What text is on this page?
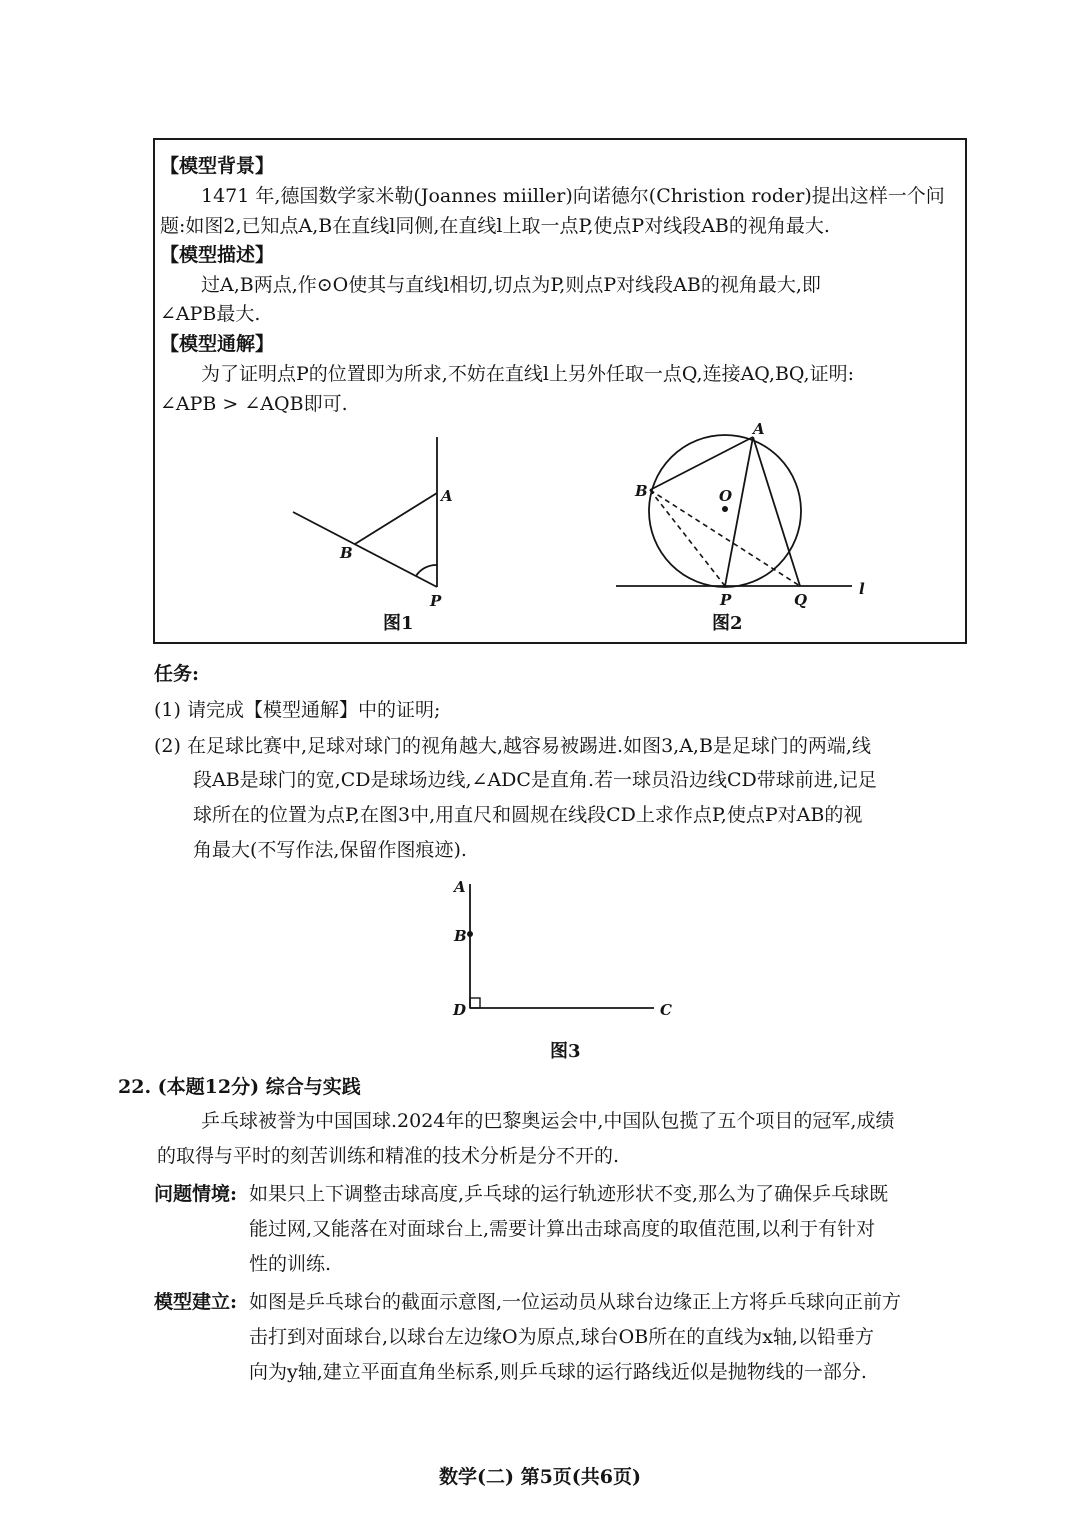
【模型背景】
1471 年,德国数学家米勒(Joannes miiller)向诺德尔(Christion roder)提出这样一个问
题:如图2,已知点A,B在直线l同侧,在直线l上取一点P,使点P对线段AB的视角最大.
【模型描述】
过A,B两点,作⊙O使其与直线l相切,切点为P,则点P对线段AB的视角最大,即
∠APB最大.
【模型通解】
为了证明点P的位置即为所求,不妨在直线l上另外任取一点Q,连接AQ,BQ,证明:
∠APB > ∠AQB即可.
A
B
P
图1
A
B	O
P	Q
l
图2
任务:
(1) 请完成【模型通解】中的证明;
(2) 在足球比赛中,足球对球门的视角越大,越容易被踢进.如图3,A,B是足球门的两端,线
段AB是球门的宽,CD是球场边线,∠ADC是直角.若一球员沿边线CD带球前进,记足
球所在的位置为点P,在图3中,用直尺和圆规在线段CD上求作点P,使点P对AB的视
角最大(不写作法,保留作图痕迹).
A
B
D	C
图3
22. (本题12分) 综合与实践
乒乓球被誉为中国国球.2024年的巴黎奥运会中,中国队包揽了五个项目的冠军,成绩
的取得与平时的刻苦训练和精准的技术分析是分不开的.
问题情境: 如果只上下调整击球高度,乒乓球的运行轨迹形状不变,那么为了确保乒乓球既
能过网,又能落在对面球台上,需要计算出击球高度的取值范围,以利于有针对
性的训练.
模型建立: 如图是乒乓球台的截面示意图,一位运动员从球台边缘正上方将乒乓球向正前方
击打到对面球台,以球台左边缘O为原点,球台OB所在的直线为x轴,以铅垂方
向为y轴,建立平面直角坐标系,则乒乓球的运行路线近似是抛物线的一部分.
数学(二) 第5页(共6页)
